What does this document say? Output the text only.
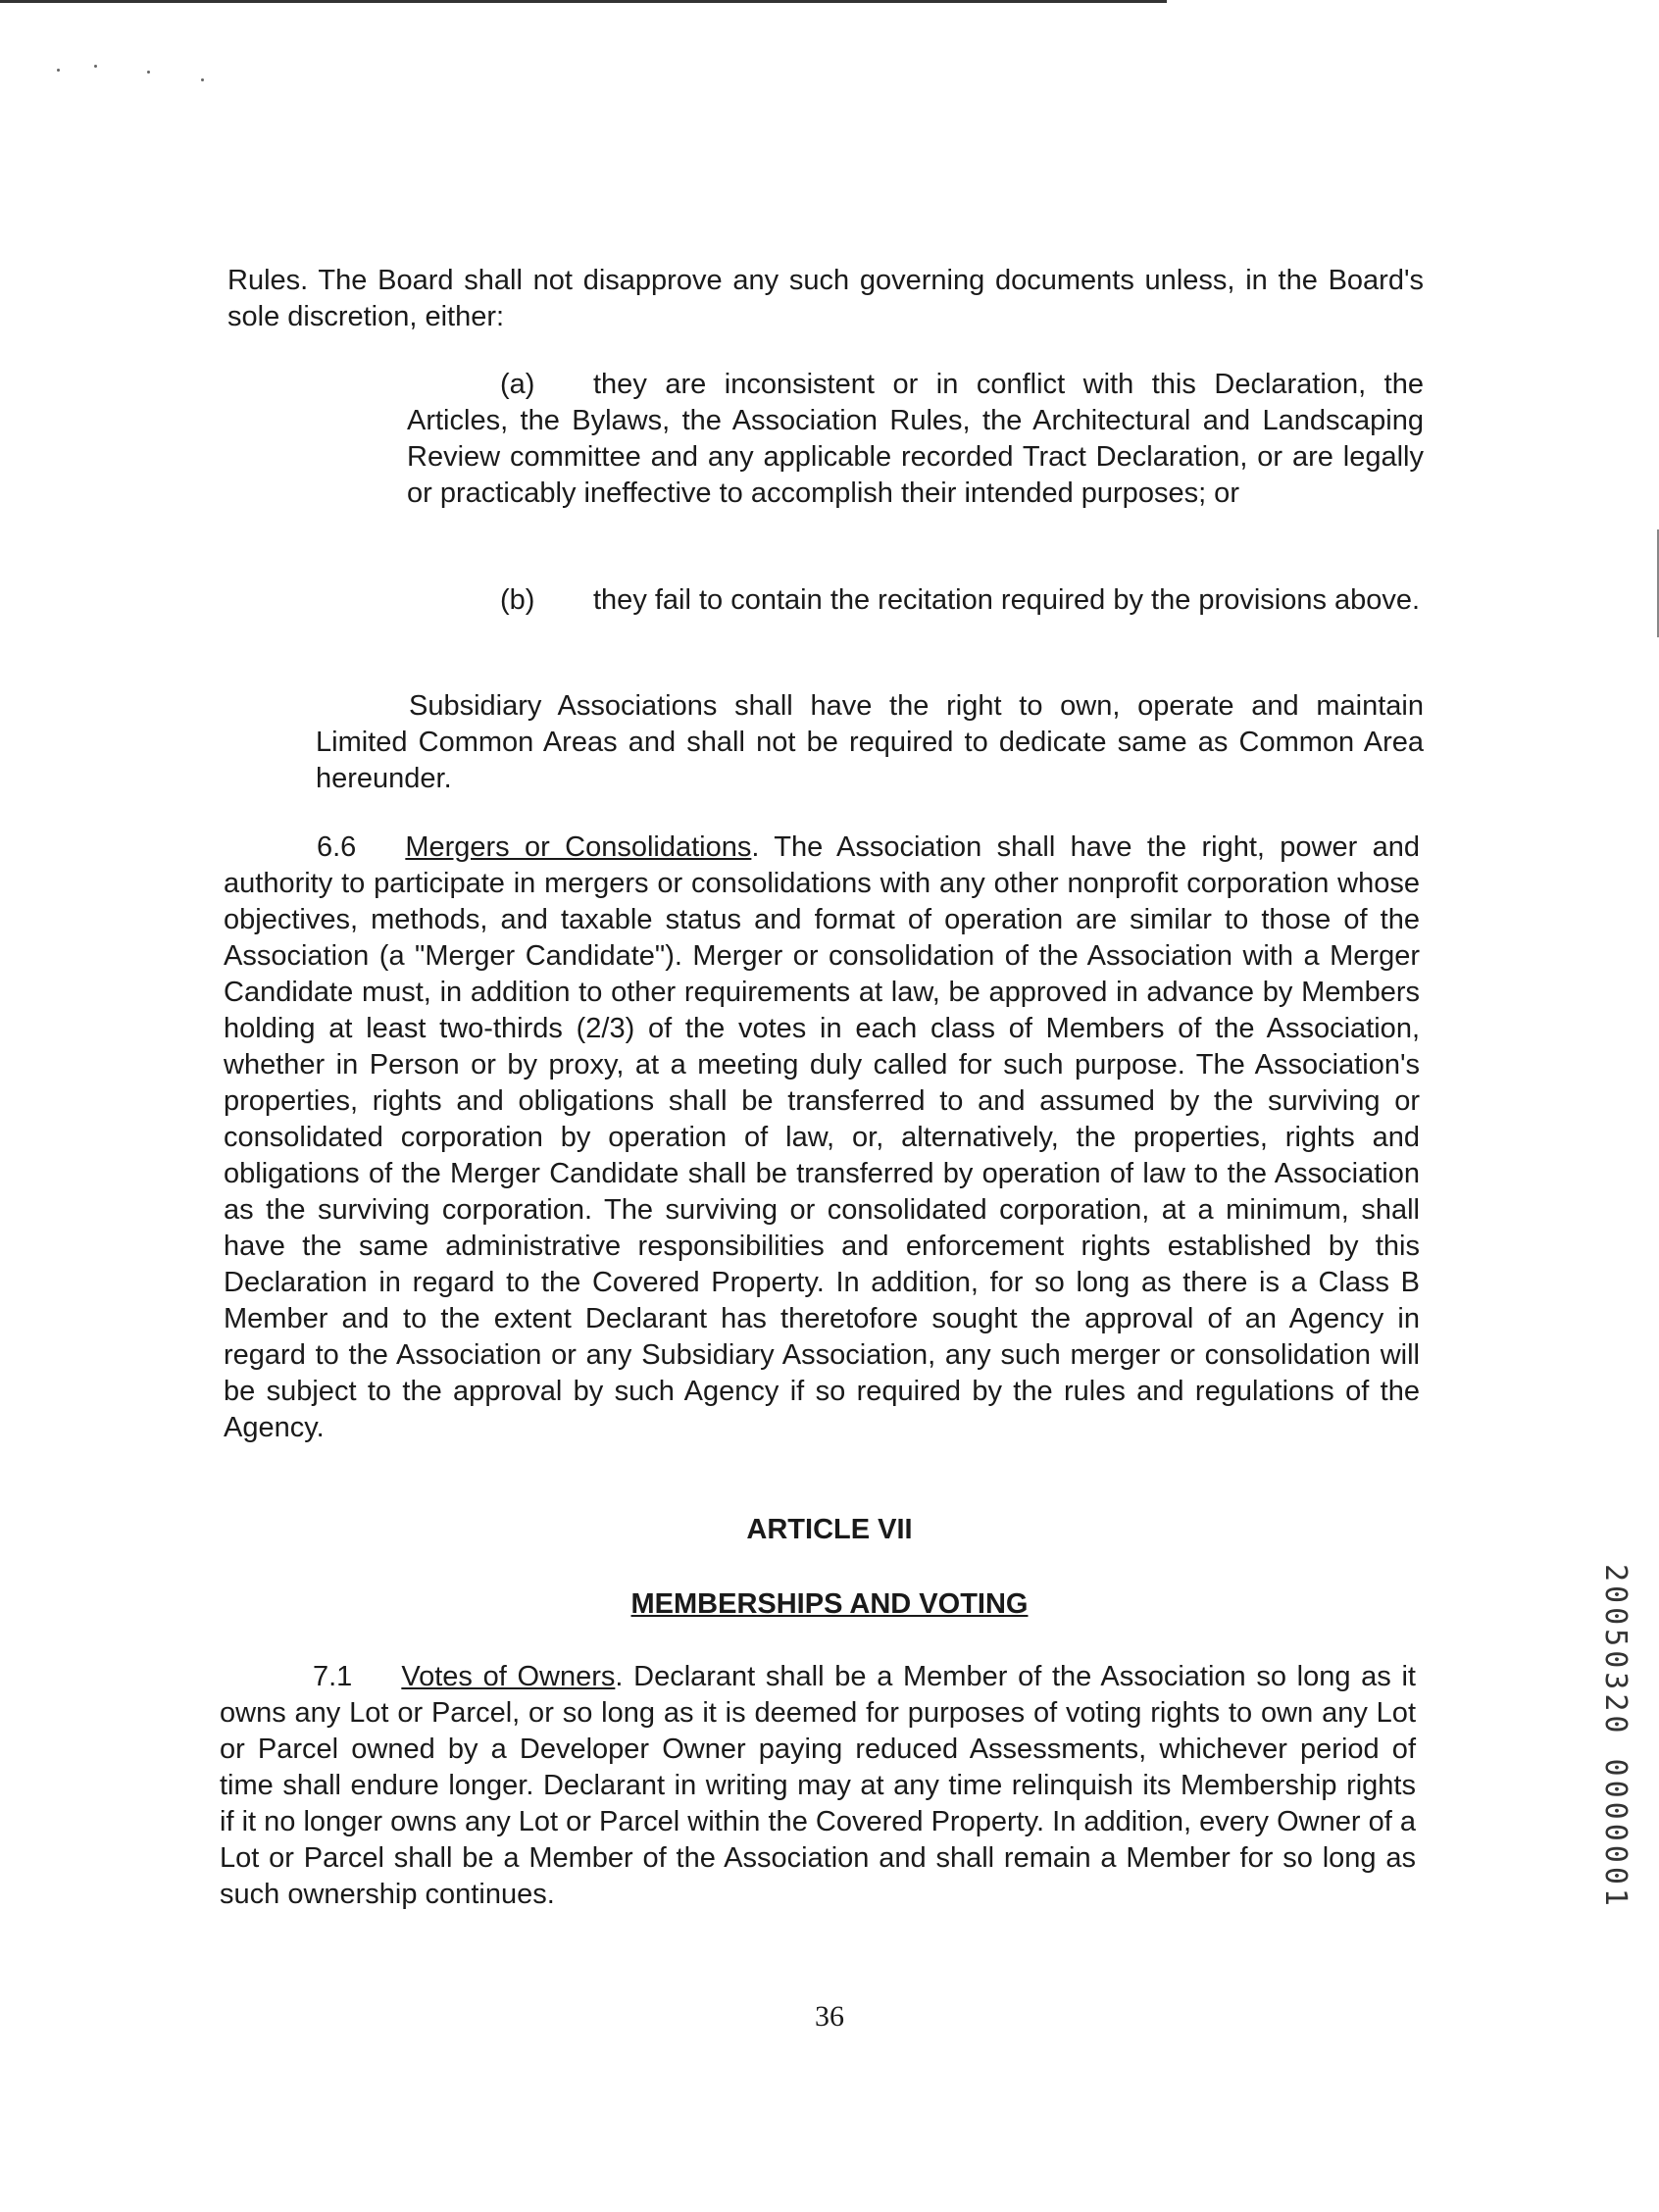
Rules. The Board shall not disapprove any such governing documents unless, in the Board's sole discretion, either:

(a)	they are inconsistent or in conflict with this Declaration, the Articles, the Bylaws, the Association Rules, the Architectural and Landscaping Review committee and any applicable recorded Tract Declaration, or are legally or practicably ineffective to accomplish their intended purposes; or

(b)	they fail to contain the recitation required by the provisions above.

Subsidiary Associations shall have the right to own, operate and maintain Limited Common Areas and shall not be required to dedicate same as Common Area hereunder.

6.6 Mergers or Consolidations. The Association shall have the right, power and authority to participate in mergers or consolidations with any other nonprofit corporation whose objectives, methods, and taxable status and format of operation are similar to those of the Association (a "Merger Candidate"). Merger or consolidation of the Association with a Merger Candidate must, in addition to other requirements at law, be approved in advance by Members holding at least two-thirds (2/3) of the votes in each class of Members of the Association, whether in Person or by proxy, at a meeting duly called for such purpose. The Association's properties, rights and obligations shall be transferred to and assumed by the surviving or consolidated corporation by operation of law, or, alternatively, the properties, rights and obligations of the Merger Candidate shall be transferred by operation of law to the Association as the surviving corporation. The surviving or consolidated corporation, at a minimum, shall have the same administrative responsibilities and enforcement rights established by this Declaration in regard to the Covered Property. In addition, for so long as there is a Class B Member and to the extent Declarant has theretofore sought the approval of an Agency in regard to the Association or any Subsidiary Association, any such merger or consolidation will be subject to the approval by such Agency if so required by the rules and regulations of the Agency.

ARTICLE VII

MEMBERSHIPS AND VOTING

7.1 Votes of Owners. Declarant shall be a Member of the Association so long as it owns any Lot or Parcel, or so long as it is deemed for purposes of voting rights to own any Lot or Parcel owned by a Developer Owner paying reduced Assessments, whichever period of time shall endure longer. Declarant in writing may at any time relinquish its Membership rights if it no longer owns any Lot or Parcel within the Covered Property. In addition, every Owner of a Lot or Parcel shall be a Member of the Association and shall remain a Member for so long as such ownership continues.	20050320 0000001

36
